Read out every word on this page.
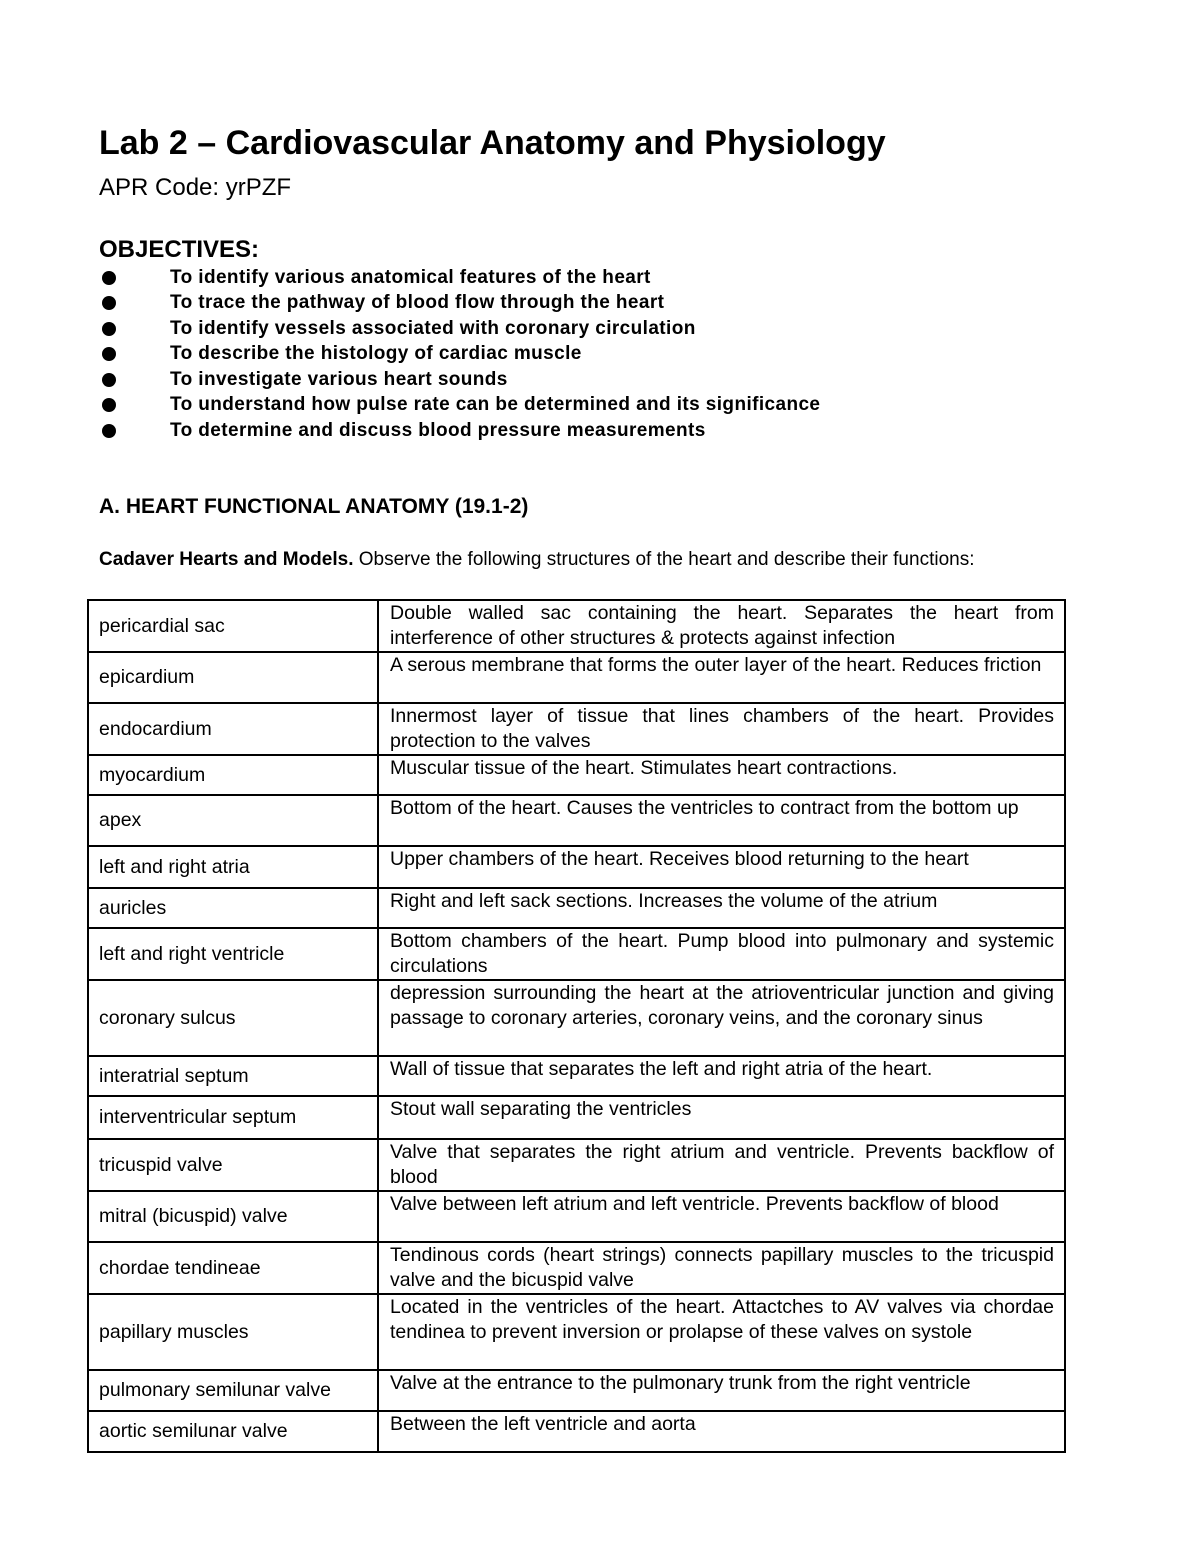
Lab 2 – Cardiovascular Anatomy and Physiology
APR Code: yrPZF
OBJECTIVES:
To identify various anatomical features of the heart
To trace the pathway of blood flow through the heart
To identify vessels associated with coronary circulation
To describe the histology of cardiac muscle
To investigate various heart sounds
To understand how pulse rate can be determined and its significance
To determine and discuss blood pressure measurements
A. HEART FUNCTIONAL ANATOMY (19.1-2)
Cadaver Hearts and Models. Observe the following structures of the heart and describe their functions:
pericardial sac	Double walled sac containing the heart. Separates the heart from interference of other structures & protects against infection
epicardium	A serous membrane that forms the outer layer of the heart. Reduces friction
endocardium	Innermost layer of tissue that lines chambers of the heart. Provides protection to the valves
myocardium	Muscular tissue of the heart. Stimulates heart contractions.
apex	Bottom of the heart. Causes the ventricles to contract from the bottom up
left and right atria	Upper chambers of the heart. Receives blood returning to the heart
auricles	Right and left sack sections. Increases the volume of the atrium
left and right ventricle	Bottom chambers of the heart. Pump blood into pulmonary and systemic circulations
coronary sulcus	depression surrounding the heart at the atrioventricular junction and giving passage to coronary arteries, coronary veins, and the coronary sinus
interatrial septum	Wall of tissue that separates the left and right atria of the heart.
interventricular septum	Stout wall separating the ventricles
tricuspid valve	Valve that separates the right atrium and ventricle. Prevents backflow of blood
mitral (bicuspid) valve	Valve between left atrium and left ventricle. Prevents backflow of blood
chordae tendineae	Tendinous cords (heart strings) connects papillary muscles to the tricuspid valve and the bicuspid valve
papillary muscles	Located in the ventricles of the heart. Attactches to AV valves via chordae tendinea to prevent inversion or prolapse of these valves on systole
pulmonary semilunar valve	Valve at the entrance to the pulmonary trunk from the right ventricle
aortic semilunar valve	Between the left ventricle and aorta
